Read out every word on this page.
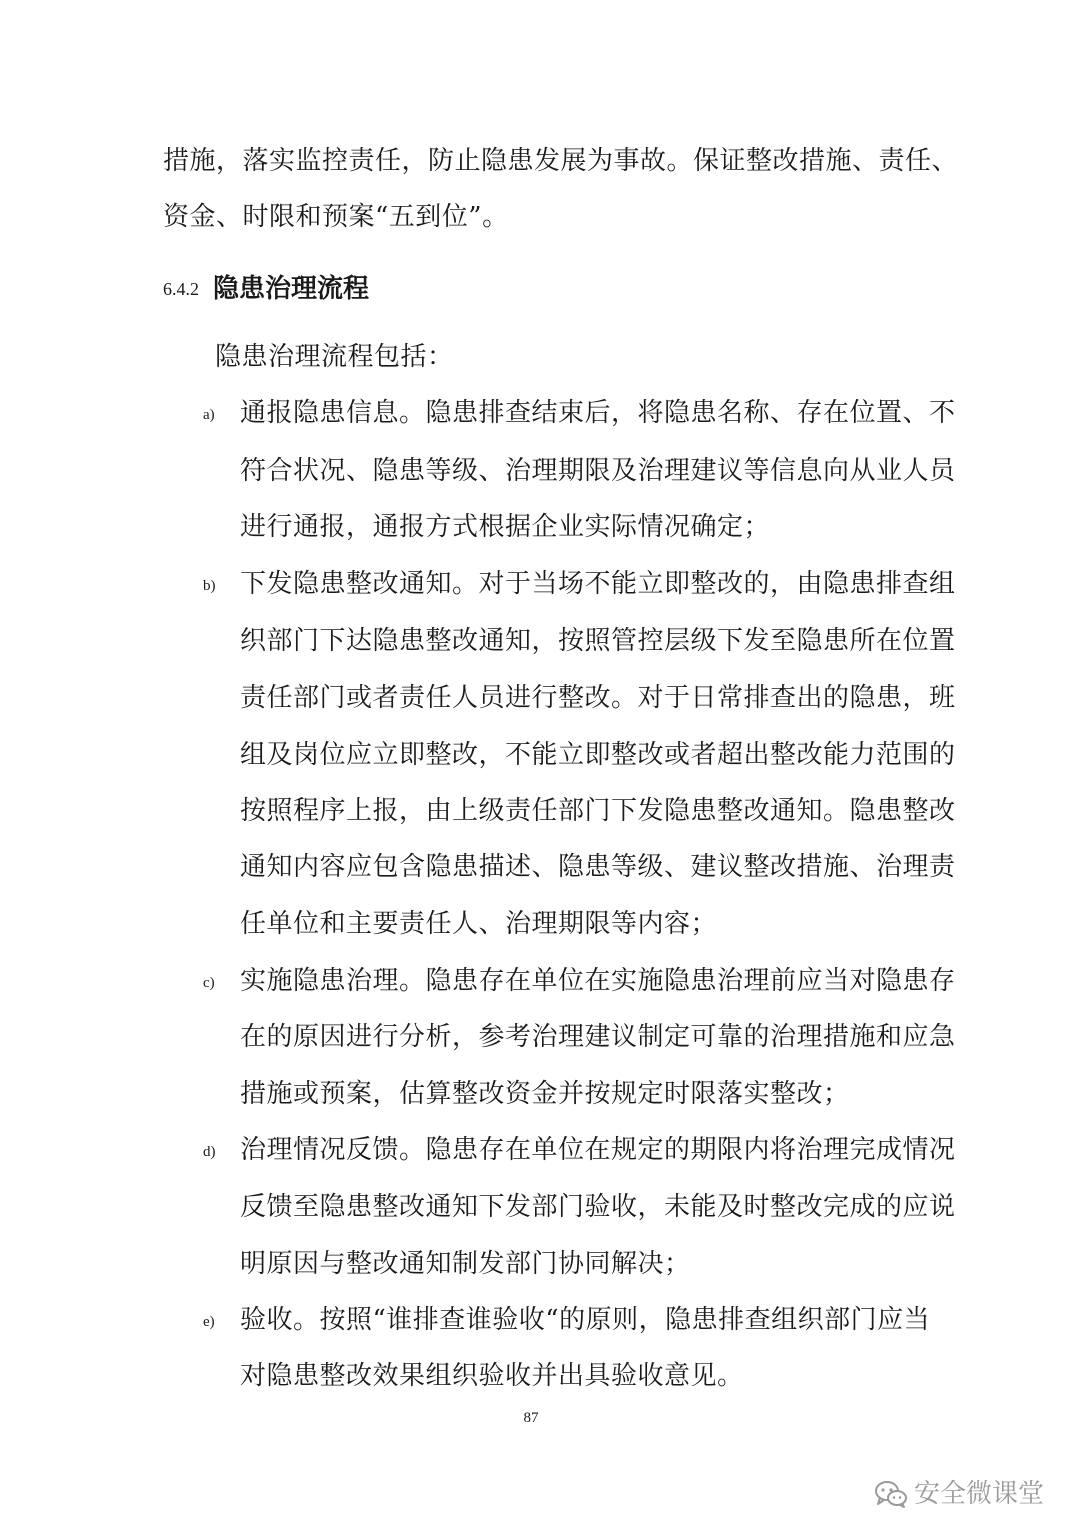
措施，落实监控责任，防止隐患发展为事故。保证整改措施、责任、
资金、时限和预案“五到位”。
6.4.2 隐患治理流程
隐患治理流程包括：
a) 通报隐患信息。隐患排查结束后，将隐患名称、存在位置、不
符合状况、隐患等级、治理期限及治理建议等信息向从业人员
进行通报，通报方式根据企业实际情况确定；
b) 下发隐患整改通知。对于当场不能立即整改的，由隐患排查组
织部门下达隐患整改通知，按照管控层级下发至隐患所在位置
责任部门或者责任人员进行整改。对于日常排查出的隐患，班
组及岗位应立即整改，不能立即整改或者超出整改能力范围的
按照程序上报，由上级责任部门下发隐患整改通知。隐患整改
通知内容应包含隐患描述、隐患等级、建议整改措施、治理责
任单位和主要责任人、治理期限等内容；
c) 实施隐患治理。隐患存在单位在实施隐患治理前应当对隐患存
在的原因进行分析，参考治理建议制定可靠的治理措施和应急
措施或预案，估算整改资金并按规定时限落实整改；
d) 治理情况反馈。隐患存在单位在规定的期限内将治理完成情况
反馈至隐患整改通知下发部门验收，未能及时整改完成的应说
明原因与整改通知制发部门协同解决；
e) 验收。按照“谁排查谁验收“的原则，隐患排查组织部门应当
对隐患整改效果组织验收并出具验收意见。
87
安全微课堂
